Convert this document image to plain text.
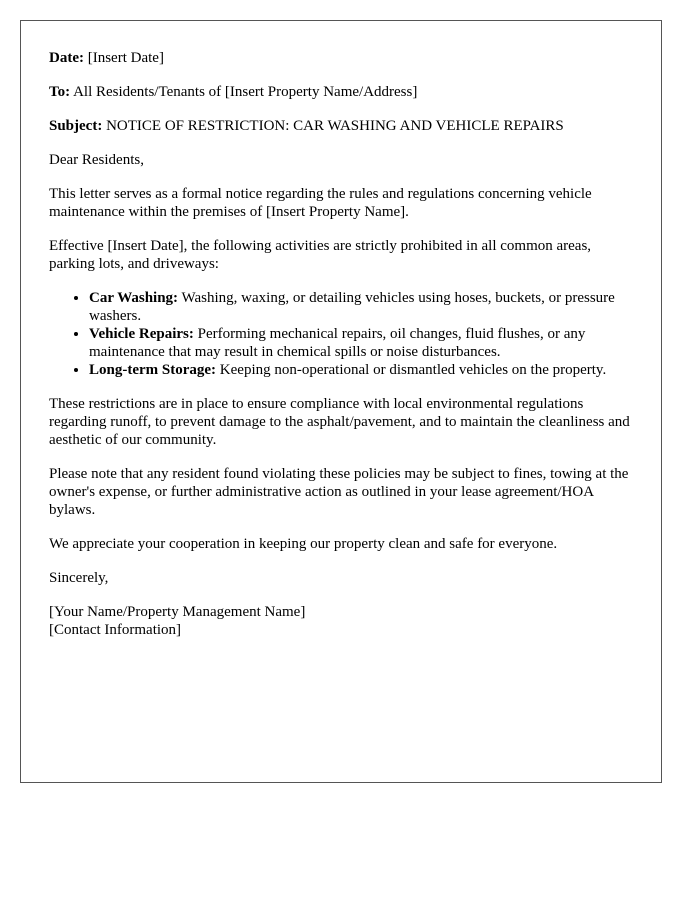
Date: [Insert Date]

To: All Residents/Tenants of [Insert Property Name/Address]

Subject: NOTICE OF RESTRICTION: CAR WASHING AND VEHICLE REPAIRS

Dear Residents,

This letter serves as a formal notice regarding the rules and regulations concerning vehicle maintenance within the premises of [Insert Property Name].

Effective [Insert Date], the following activities are strictly prohibited in all common areas, parking lots, and driveways:

• Car Washing: Washing, waxing, or detailing vehicles using hoses, buckets, or pressure washers.
• Vehicle Repairs: Performing mechanical repairs, oil changes, fluid flushes, or any maintenance that may result in chemical spills or noise disturbances.
• Long-term Storage: Keeping non-operational or dismantled vehicles on the property.

These restrictions are in place to ensure compliance with local environmental regulations regarding runoff, to prevent damage to the asphalt/pavement, and to maintain the cleanliness and aesthetic of our community.

Please note that any resident found violating these policies may be subject to fines, towing at the owner's expense, or further administrative action as outlined in your lease agreement/HOA bylaws.

We appreciate your cooperation in keeping our property clean and safe for everyone.

Sincerely,

[Your Name/Property Management Name]

[Contact Information]
